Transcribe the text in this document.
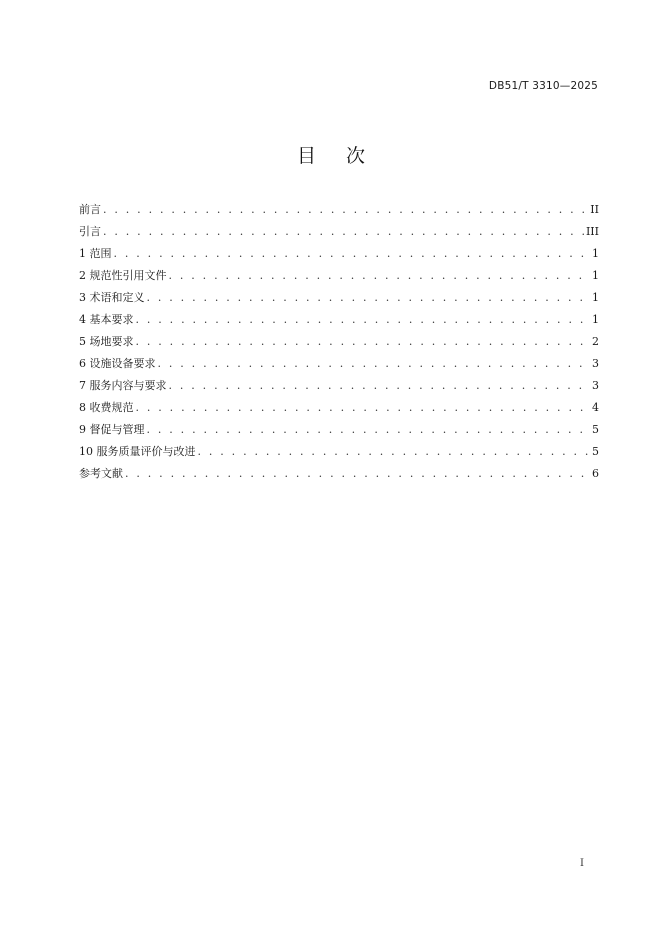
DB51/T 3310—2025
目次
前言 . . .	II
引言 . . .	III
1 范围 . . .	1
2 规范性引用文件 . . .	1
3 术语和定义 . . .	1
4 基本要求 . . .	1
5 场地要求 . . .	2
6 设施设备要求 . . .	3
7 服务内容与要求 . . .	3
8 收费规范 . . .	4
9 督促与管理 . . .	5
10 服务质量评价与改进 . . .	5
参考文献 . . .	6
I
